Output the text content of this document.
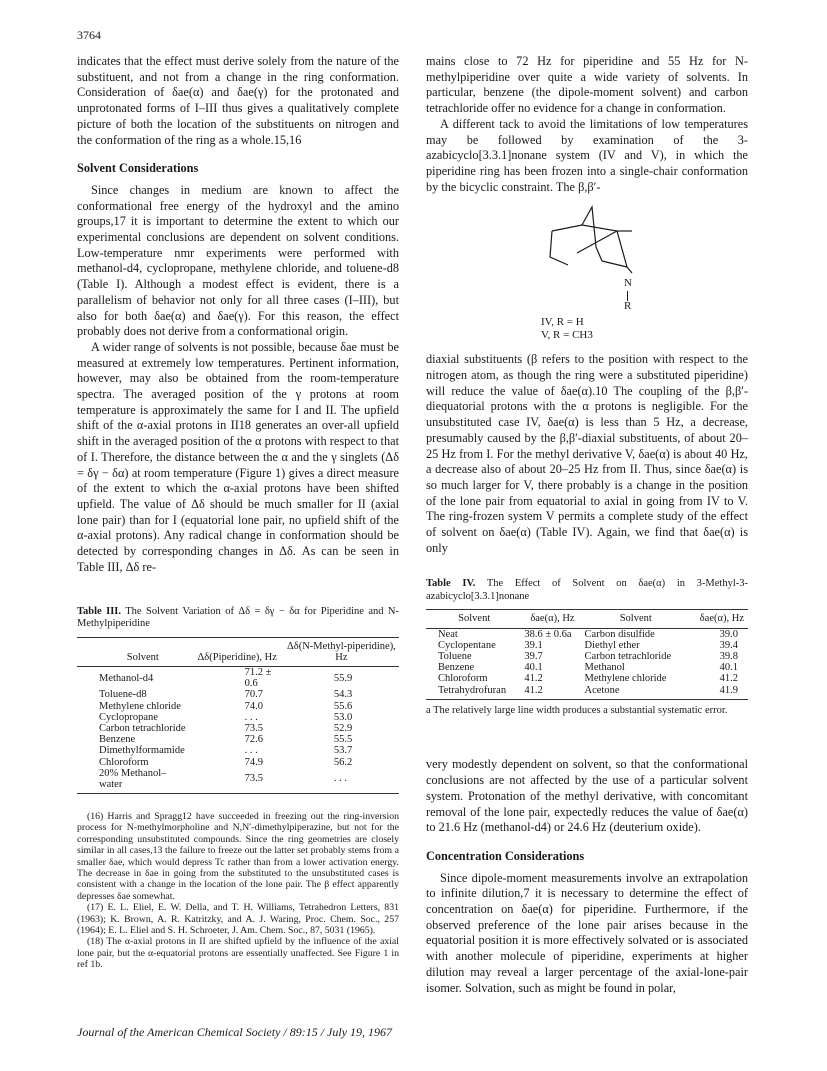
3764

indicates that the effect must derive solely from the nature of the substituent, and not from a change in the ring conformation. Consideration of δae(α) and δae(γ) for the protonated and unprotonated forms of I–III thus gives a qualitatively complete picture of both the location of the substituents on nitrogen and the conformation of the ring as a whole.15,16

Solvent Considerations

Since changes in medium are known to affect the conformational free energy of the hydroxyl and the amino groups,17 it is important to determine the extent to which our experimental conclusions are dependent on solvent conditions. Low-temperature nmr experiments were performed with methanol-d4, cyclopropane, methylene chloride, and toluene-d8 (Table I). Although a modest effect is evident, there is a parallelism of behavior not only for all three cases (I–III), but also for both δae(α) and δae(γ). For this reason, the effect probably does not derive from a conformational origin.

A wider range of solvents is not possible, because δae must be measured at extremely low temperatures. Pertinent information, however, may also be obtained from the room-temperature spectra. The averaged position of the γ protons at room temperature is approximately the same for I and II. The upfield shift of the α-axial protons in II18 generates an over-all upfield shift in the averaged position of the α protons with respect to that of I. Therefore, the distance between the α and the γ singlets (Δδ = δγ − δα) at room temperature (Figure 1) gives a direct measure of the extent to which the α-axial protons have been shifted upfield. The value of Δδ should be much smaller for II (axial lone pair) than for I (equatorial lone pair, no upfield shift of the α-axial protons). Any radical change in conformation should be detected by corresponding changes in Δδ. As can be seen in Table III, Δδ re-

Table III. The Solvent Variation of Δδ = δγ − δα for Piperidine and N-Methylpiperidine
Solvent	Δδ(Piperidine), Hz	Δδ(N-Methyl-piperidine), Hz
Methanol-d4	71.2 ± 0.6	55.9
Toluene-d8	70.7	54.3
Methylene chloride	74.0	55.6
Cyclopropane	. . .	53.0
Carbon tetrachloride	73.5	52.9
Benzene	72.6	55.5
Dimethylformamide	. . .	53.7
Chloroform	74.9	56.2
20% Methanol–water	73.5	. . .

(16) Harris and Spragg12 have succeeded in freezing out the ring-inversion process for N-methylmorpholine and N,N′-dimethylpiperazine, but not for the corresponding unsubstituted compounds. Since the ring geometries are closely similar in all cases,13 the failure to freeze out the latter set probably stems from a smaller δae, which would depress Tc rather than from a lower activation energy. The decrease in δae in going from the substituted to the unsubstituted cases is consistent with a change in the location of the lone pair. The β effect apparently depresses δae somewhat.

(17) E. L. Eliel, E. W. Della, and T. H. Williams, Tetrahedron Letters, 831 (1963); K. Brown, A. R. Katritzky, and A. J. Waring, Proc. Chem. Soc., 257 (1964); E. L. Eliel and S. H. Schroeter, J. Am. Chem. Soc., 87, 5031 (1965).

(18) The α-axial protons in II are shifted upfield by the influence of the axial lone pair, but the α-equatorial protons are essentially unaffected. See Figure 1 in ref 1b.

Journal of the American Chemical Society / 89:15 / July 19, 1967

mains close to 72 Hz for piperidine and 55 Hz for N-methylpiperidine over quite a wide variety of solvents. In particular, benzene (the dipole-moment solvent) and carbon tetrachloride offer no evidence for a change in conformation.

A different tack to avoid the limitations of low temperatures may be followed by examination of the 3-azabicyclo[3.3.1]nonane system (IV and V), in which the piperidine ring has been frozen into a single-chair conformation by the bicyclic constraint. The β,β′-

N
R
IV, R = H
V, R = CH3

diaxial substituents (β refers to the position with respect to the nitrogen atom, as though the ring were a substituted piperidine) will reduce the value of δae(α).10 The coupling of the β,β′-diequatorial protons with the α protons is negligible. For the unsubstituted case IV, δae(α) is less than 5 Hz, a decrease, presumably caused by the β,β′-diaxial substituents, of about 20–25 Hz from I. For the methyl derivative V, δae(α) is about 40 Hz, a decrease also of about 20–25 Hz from II. Thus, since δae(α) is so much larger for V, there probably is a change in the position of the lone pair from equatorial to axial in going from IV to V. The ring-frozen system V permits a complete study of the effect of solvent on δae(α) (Table IV). Again, we find that δae(α) is only

Table IV. The Effect of Solvent on δae(α) in 3-Methyl-3-azabicyclo[3.3.1]nonane
Solvent	δae(α), Hz	Solvent	δae(α), Hz
Neat	38.6 ± 0.6a	Carbon disulfide	39.0
Cyclopentane	39.1	Diethyl ether	39.4
Toluene	39.7	Carbon tetrachloride	39.8
Benzene	40.1	Methanol	40.1
Chloroform	41.2	Methylene chloride	41.2
Tetrahydrofuran	41.2	Acetone	41.9
a The relatively large line width produces a substantial systematic error.

very modestly dependent on solvent, so that the conformational conclusions are not affected by the use of a particular solvent system. Protonation of the methyl derivative, with concomitant removal of the lone pair, expectedly reduces the value of δae(α) to 21.6 Hz (methanol-d4) or 24.6 Hz (deuterium oxide).

Concentration Considerations

Since dipole-moment measurements involve an extrapolation to infinite dilution,7 it is necessary to determine the effect of concentration on δae(α) for piperidine. Furthermore, if the observed preference of the lone pair arises because in the equatorial position it is more effectively solvated or is associated with another molecule of piperidine, experiments at higher dilution may reveal a larger percentage of the axial-lone-pair isomer. Solvation, such as might be found in polar,
